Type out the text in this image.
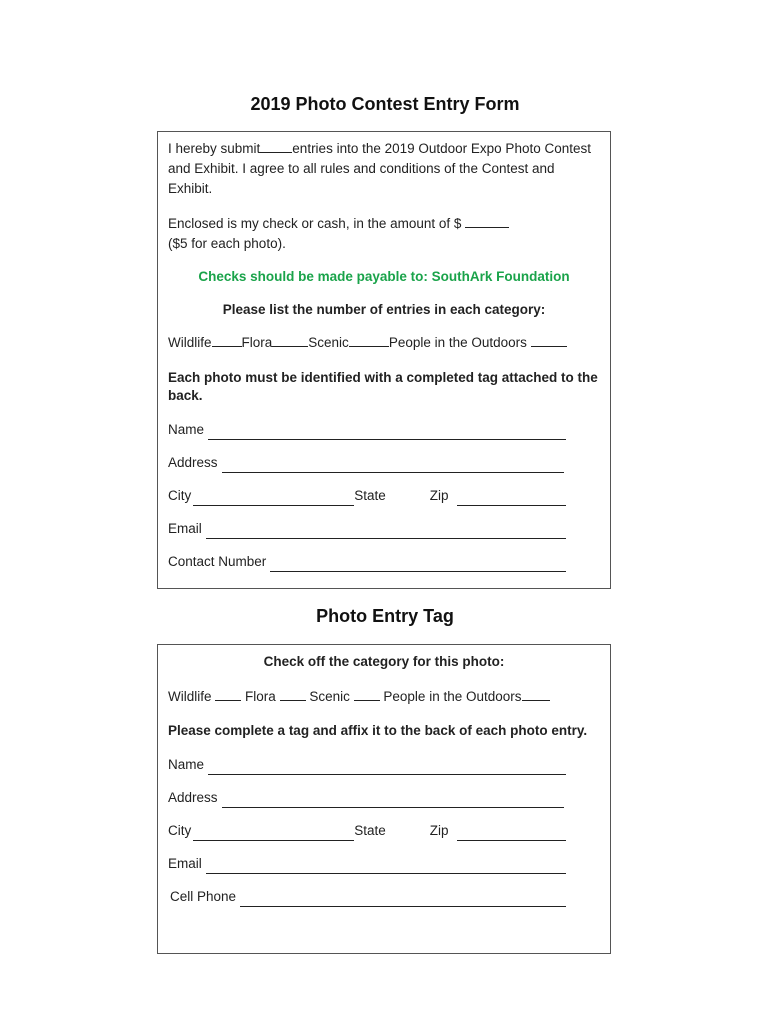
2019 Photo Contest Entry Form

I hereby submit entries into the 2019 Outdoor Expo Photo Contest and Exhibit. I agree to all rules and conditions of the Contest and Exhibit.

Enclosed is my check or cash, in the amount of $
($5 for each photo).

Checks should be made payable to: SouthArk Foundation

Please list the number of entries in each category:

Wildlife Flora	Scenic	People in the Outdoors

Each photo must be identified with a completed tag attached to the back.

Name
Address
City	State	Zip
Email
Contact Number
Photo Entry Tag

Check off the category for this photo:

Wildlife Flora Scenic People in the Outdoors

Please complete a tag and affix it to the back of each photo entry.

Name
Address
City	State	Zip
Email
Cell Phone
